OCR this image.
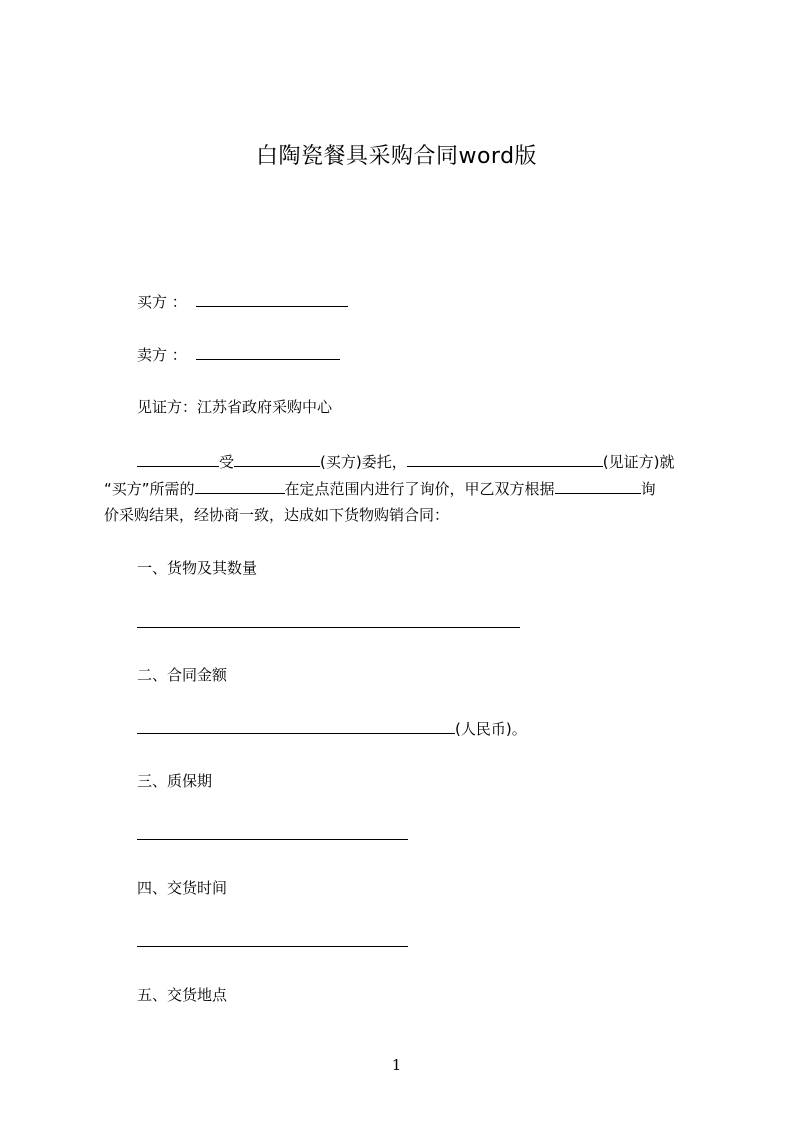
白陶瓷餐具采购合同word版
买方 ：
卖方 ：
见证方：江苏省政府采购中心
受	(买方)委托，	(见证方)就
“买方”所需的	在定点范围内进行了询价，甲乙双方根据	询
价采购结果，经协商一致，达成如下货物购销合同：
一、货物及其数量
二、合同金额
(人民币)。
三、质保期
四、交货时间
五、交货地点
1
